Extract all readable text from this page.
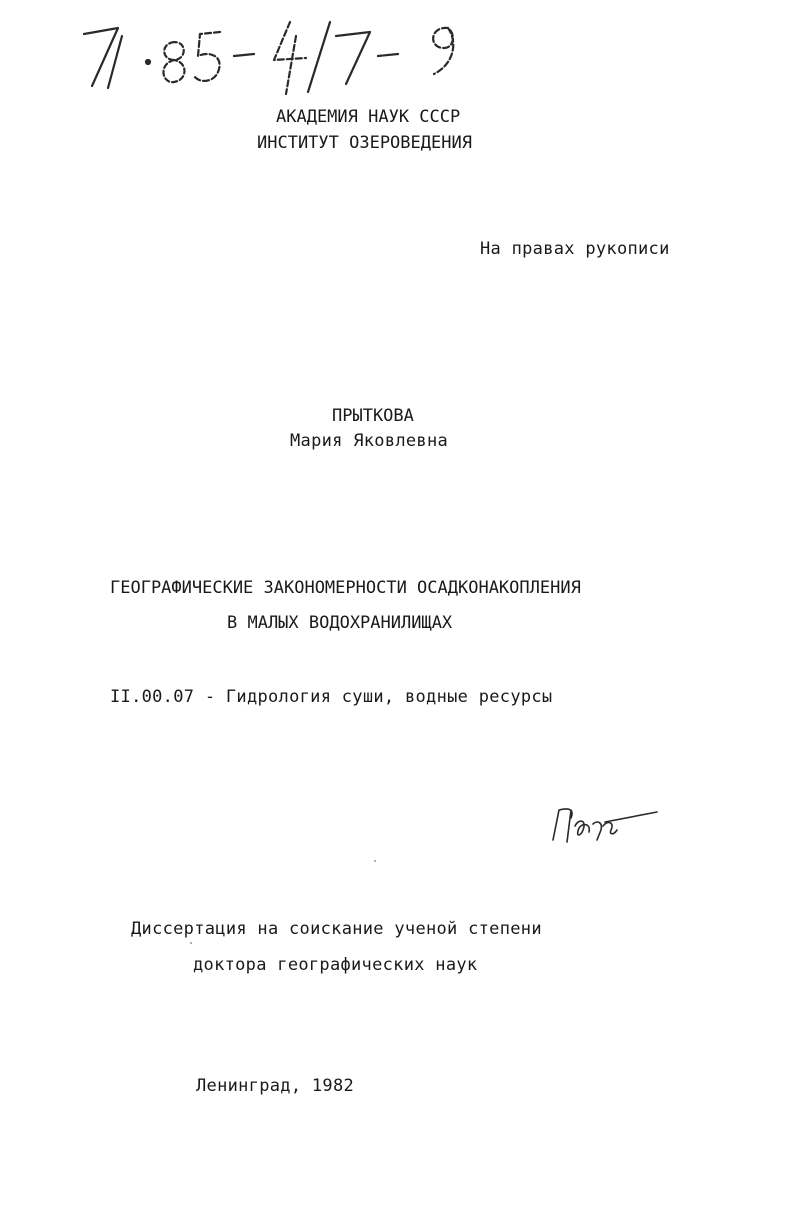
71·85-4/7-9
АКАДЕМИЯ НАУК СССР
ИНСТИТУТ ОЗЕРОВЕДЕНИЯ
На правах рукописи
ПРЫТКОВА
Мария Яковлевна
ГЕОГРАФИЧЕСКИЕ ЗАКОНОМЕРНОСТИ ОСАДКОНАКОПЛЕНИЯ
В МАЛЫХ ВОДОХРАНИЛИЩАХ
II.00.07 - Гидрология суши, водные ресурсы
Прыт
Диссертация на соискание ученой степени
доктора географических наук
Ленинград, 1982
